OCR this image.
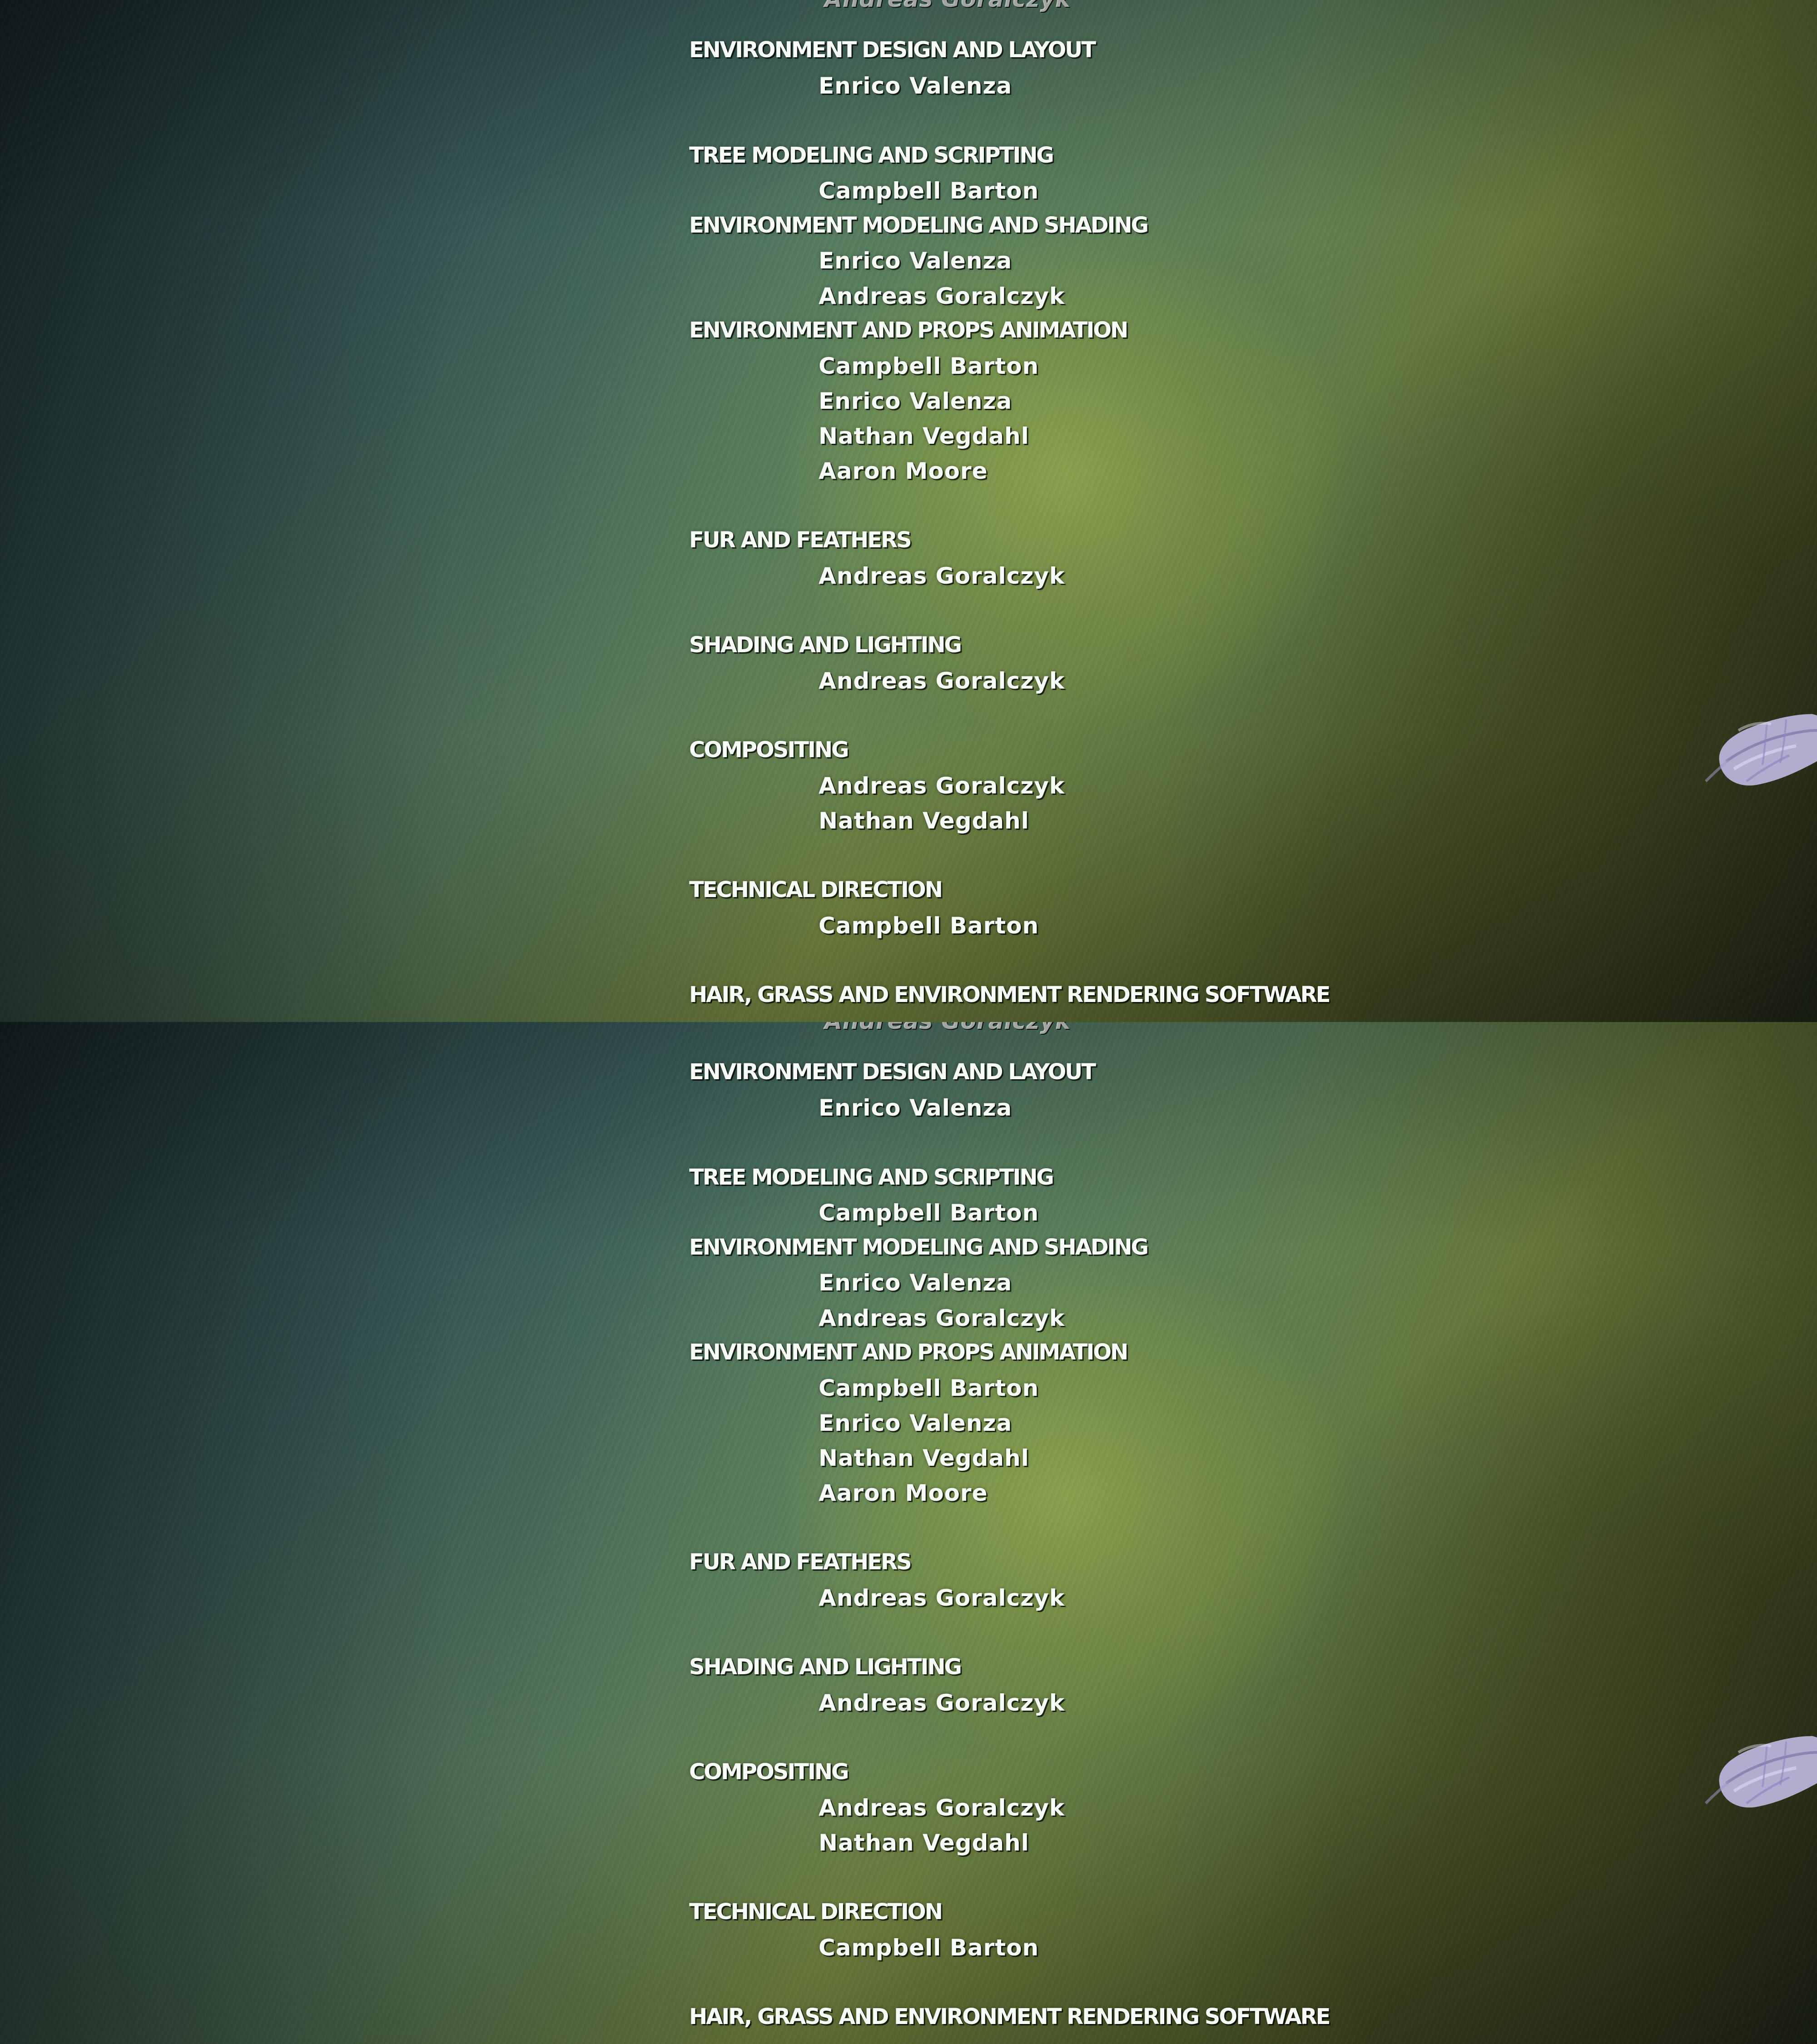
ENVIRONMENT DESIGN AND LAYOUT
Enrico Valenza
TREE MODELING AND SCRIPTING
Campbell Barton
ENVIRONMENT MODELING AND SHADING
Enrico Valenza
Andreas Goralczyk
ENVIRONMENT AND PROPS ANIMATION
Campbell Barton
Enrico Valenza
Nathan Vegdahl
Aaron Moore
FUR AND FEATHERS
Andreas Goralczyk
SHADING AND LIGHTING
Andreas Goralczyk
COMPOSITING
Andreas Goralczyk
Nathan Vegdahl
TECHNICAL DIRECTION
Campbell Barton
HAIR, GRASS AND ENVIRONMENT RENDERING SOFTWARE
ENVIRONMENT DESIGN AND LAYOUT
Enrico Valenza
TREE MODELING AND SCRIPTING
Campbell Barton
ENVIRONMENT MODELING AND SHADING
Enrico Valenza
Andreas Goralczyk
ENVIRONMENT AND PROPS ANIMATION
Campbell Barton
Enrico Valenza
Nathan Vegdahl
Aaron Moore
FUR AND FEATHERS
Andreas Goralczyk
SHADING AND LIGHTING
Andreas Goralczyk
COMPOSITING
Andreas Goralczyk
Nathan Vegdahl
TECHNICAL DIRECTION
Campbell Barton
HAIR, GRASS AND ENVIRONMENT RENDERING SOFTWARE
